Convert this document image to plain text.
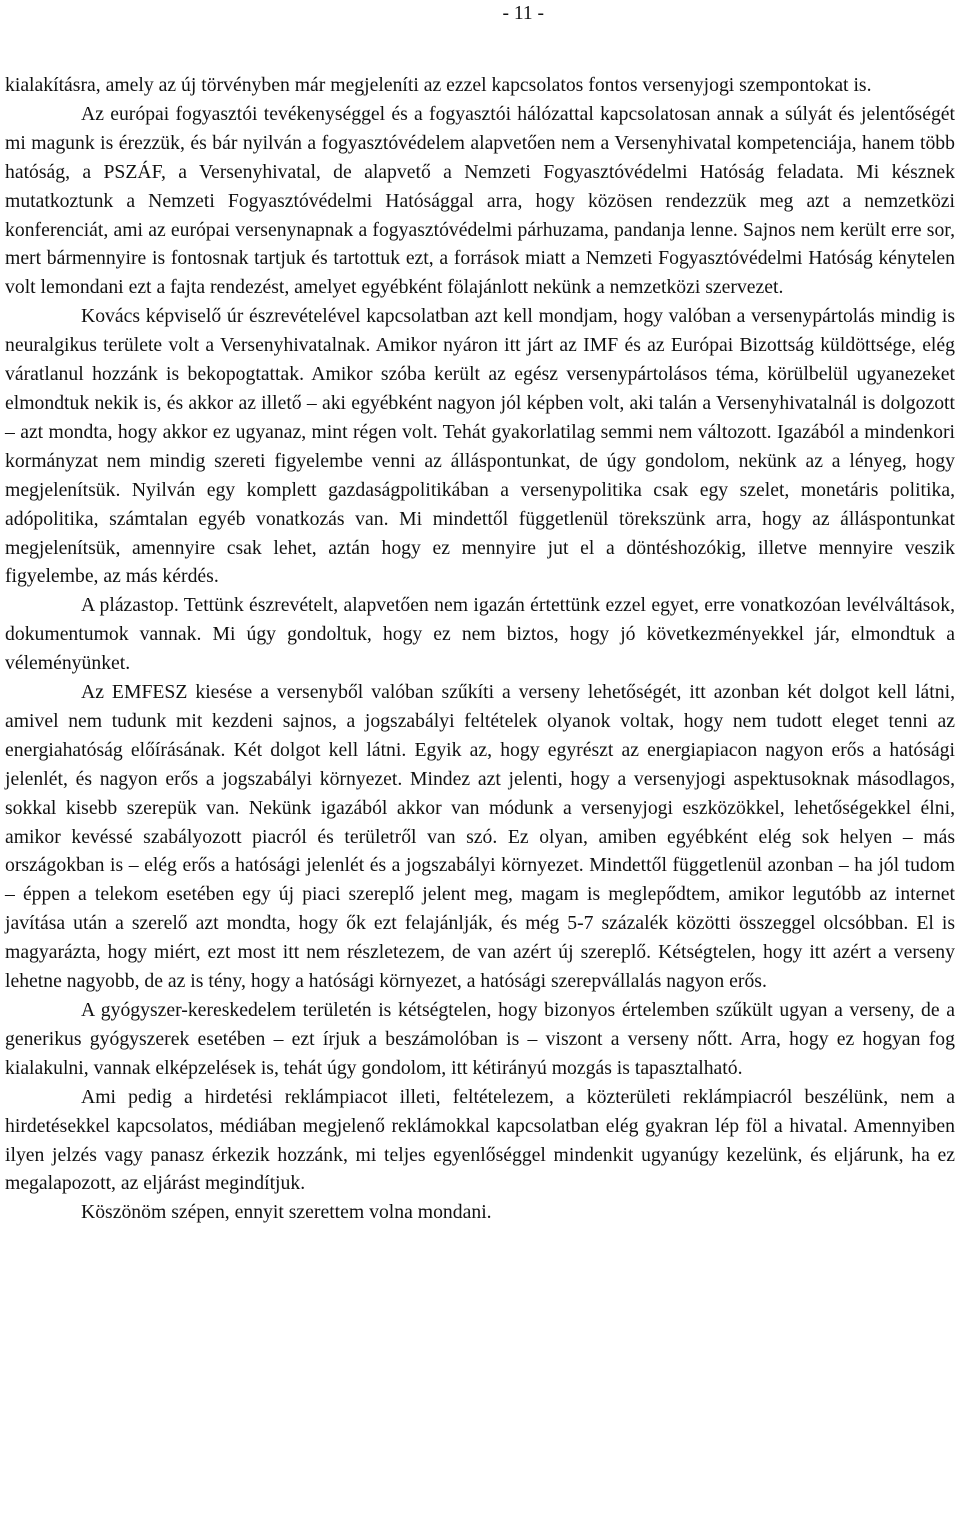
- 11 -

kialakításra, amely az új törvényben már megjeleníti az ezzel kapcsolatos fontos versenyjogi szempontokat is.

Az európai fogyasztói tevékenységgel és a fogyasztói hálózattal kapcsolatosan annak a súlyát és jelentőségét mi magunk is érezzük, és bár nyilván a fogyasztóvédelem alapvetően nem a Versenyhivatal kompetenciája, hanem több hatóság, a PSZÁF, a Versenyhivatal, de alapvető a Nemzeti Fogyasztóvédelmi Hatóság feladata. Mi késznek mutatkoztunk a Nemzeti Fogyasztóvédelmi Hatósággal arra, hogy közösen rendezzük meg azt a nemzetközi konferenciát, ami az európai versenynapnak a fogyasztóvédelmi párhuzama, pandanja lenne. Sajnos nem került erre sor, mert bármennyire is fontosnak tartjuk és tartottuk ezt, a források miatt a Nemzeti Fogyasztóvédelmi Hatóság kénytelen volt lemondani ezt a fajta rendezést, amelyet egyébként fölajánlott nekünk a nemzetközi szervezet.

Kovács képviselő úr észrevételével kapcsolatban azt kell mondjam, hogy valóban a versenypártolás mindig is neuralgikus területe volt a Versenyhivatalnak. Amikor nyáron itt járt az IMF és az Európai Bizottság küldöttsége, elég váratlanul hozzánk is bekopogtattak. Amikor szóba került az egész versenypártolásos téma, körülbelül ugyanezeket elmondtuk nekik is, és akkor az illető – aki egyébként nagyon jól képben volt, aki talán a Versenyhivatalnál is dolgozott – azt mondta, hogy akkor ez ugyanaz, mint régen volt. Tehát gyakorlatilag semmi nem változott. Igazából a mindenkori kormányzat nem mindig szereti figyelembe venni az álláspontunkat, de úgy gondolom, nekünk az a lényeg, hogy megjelenítsük. Nyilván egy komplett gazdaságpolitikában a versenypolitika csak egy szelet, monetáris politika, adópolitika, számtalan egyéb vonatkozás van. Mi mindettől függetlenül törekszünk arra, hogy az álláspontunkat megjelenítsük, amennyire csak lehet, aztán hogy ez mennyire jut el a döntéshozókig, illetve mennyire veszik figyelembe, az más kérdés.

A plázastop. Tettünk észrevételt, alapvetően nem igazán értettünk ezzel egyet, erre vonatkozóan levélváltások, dokumentumok vannak. Mi úgy gondoltuk, hogy ez nem biztos, hogy jó következményekkel jár, elmondtuk a véleményünket.

Az EMFESZ kiesése a versenyből valóban szűkíti a verseny lehetőségét, itt azonban két dolgot kell látni, amivel nem tudunk mit kezdeni sajnos, a jogszabályi feltételek olyanok voltak, hogy nem tudott eleget tenni az energiahatóság előírásának. Két dolgot kell látni. Egyik az, hogy egyrészt az energiapiacon nagyon erős a hatósági jelenlét, és nagyon erős a jogszabályi környezet. Mindez azt jelenti, hogy a versenyjogi aspektusoknak másodlagos, sokkal kisebb szerepük van. Nekünk igazából akkor van módunk a versenyjogi eszközökkel, lehetőségekkel élni, amikor kevéssé szabályozott piacról és területről van szó. Ez olyan, amiben egyébként elég sok helyen – más országokban is – elég erős a hatósági jelenlét és a jogszabályi környezet. Mindettől függetlenül azonban – ha jól tudom – éppen a telekom esetében egy új piaci szereplő jelent meg, magam is meglepődtem, amikor legutóbb az internet javítása után a szerelő azt mondta, hogy ők ezt felajánlják, és még 5-7 százalék közötti összeggel olcsóbban. El is magyarázta, hogy miért, ezt most itt nem részletezem, de van azért új szereplő. Kétségtelen, hogy itt azért a verseny lehetne nagyobb, de az is tény, hogy a hatósági környezet, a hatósági szerepvállalás nagyon erős.

A gyógyszer-kereskedelem területén is kétségtelen, hogy bizonyos értelemben szűkült ugyan a verseny, de a generikus gyógyszerek esetében – ezt írjuk a beszámolóban is – viszont a verseny nőtt. Arra, hogy ez hogyan fog kialakulni, vannak elképzelések is, tehát úgy gondolom, itt kétirányú mozgás is tapasztalható.

Ami pedig a hirdetési reklámpiacot illeti, feltételezem, a közterületi reklámpiacról beszélünk, nem a hirdetésekkel kapcsolatos, médiában megjelenő reklámokkal kapcsolatban elég gyakran lép föl a hivatal. Amennyiben ilyen jelzés vagy panasz érkezik hozzánk, mi teljes egyenlőséggel mindenkit ugyanúgy kezelünk, és eljárunk, ha ez megalapozott, az eljárást megindítjuk.

Köszönöm szépen, ennyit szerettem volna mondani.
